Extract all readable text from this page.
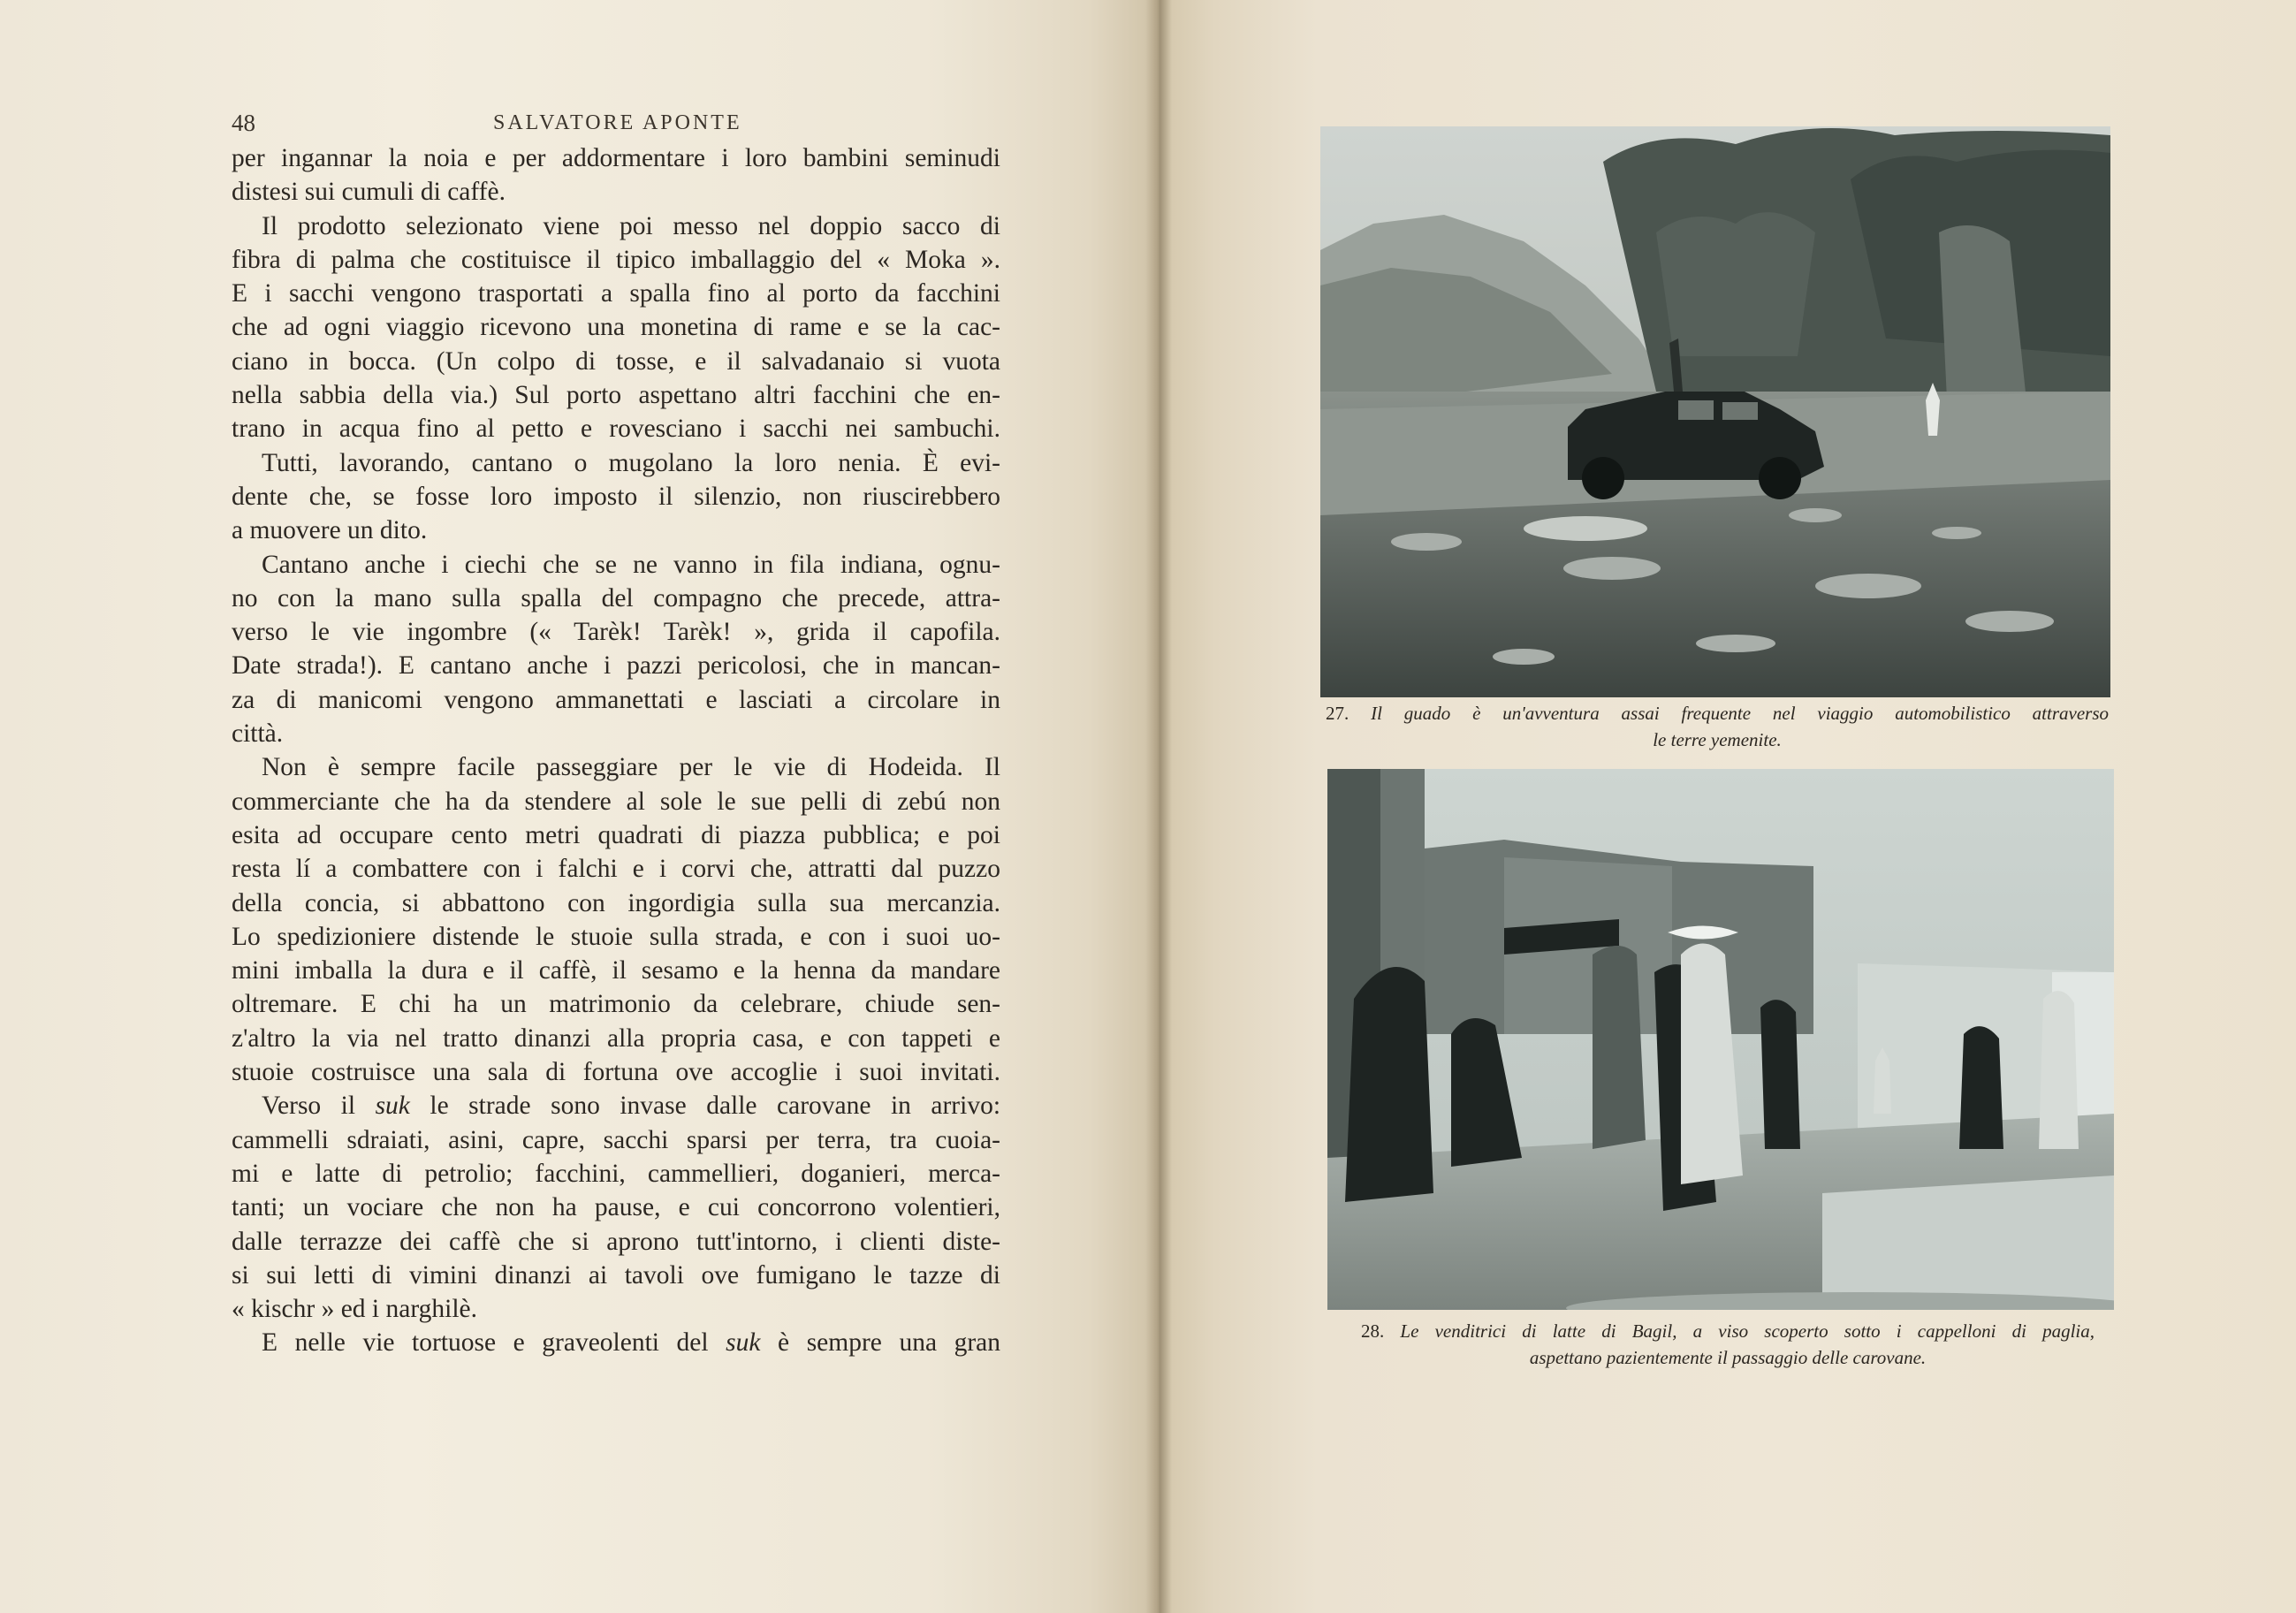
48	SALVATORE APONTE
per ingannar la noia e per addormentare i loro bambini seminudi
distesi sui cumuli di caffè.
Il prodotto selezionato viene poi messo nel doppio sacco di
fibra di palma che costituisce il tipico imballaggio del « Moka ».
E i sacchi vengono trasportati a spalla fino al porto da facchini
che ad ogni viaggio ricevono una monetina di rame e se la cac-
ciano in bocca. (Un colpo di tosse, e il salvadanaio si vuota
nella sabbia della via.) Sul porto aspettano altri facchini che en-
trano in acqua fino al petto e rovesciano i sacchi nei sambuchi.
Tutti, lavorando, cantano o mugolano la loro nenia. È evi-
dente che, se fosse loro imposto il silenzio, non riuscirebbero
a muovere un dito.
Cantano anche i ciechi che se ne vanno in fila indiana, ognu-
no con la mano sulla spalla del compagno che precede, attra-
verso le vie ingombre (« Tarèk! Tarèk! », grida il capofila.
Date strada!). E cantano anche i pazzi pericolosi, che in mancan-
za di manicomi vengono ammanettati e lasciati a circolare in
città.
Non è sempre facile passeggiare per le vie di Hodeida. Il
commerciante che ha da stendere al sole le sue pelli di zebú non
esita ad occupare cento metri quadrati di piazza pubblica; e poi
resta lí a combattere con i falchi e i corvi che, attratti dal puzzo
della concia, si abbattono con ingordigia sulla sua mercanzia.
Lo spedizioniere distende le stuoie sulla strada, e con i suoi uo-
mini imballa la dura e il caffè, il sesamo e la henna da mandare
oltremare. E chi ha un matrimonio da celebrare, chiude sen-
z'altro la via nel tratto dinanzi alla propria casa, e con tappeti e
stuoie costruisce una sala di fortuna ove accoglie i suoi invitati.
Verso il suk le strade sono invase dalle carovane in arrivo:
cammelli sdraiati, asini, capre, sacchi sparsi per terra, tra cuoia-
mi e latte di petrolio; facchini, cammellieri, doganieri, merca-
tanti; un vociare che non ha pause, e cui concorrono volentieri,
dalle terrazze dei caffè che si aprono tutt'intorno, i clienti diste-
si sui letti di vimini dinanzi ai tavoli ove fumigano le tazze di
« kischr » ed i narghilè.
E nelle vie tortuose e graveolenti del suk è sempre una gran
27. Il guado è un'avventura assai frequente nel viaggio automobilistico attraverso
le terre yemenite.
28. Le venditrici di latte di Bagil, a viso scoperto sotto i cappelloni di paglia,
aspettano pazientemente il passaggio delle carovane.
